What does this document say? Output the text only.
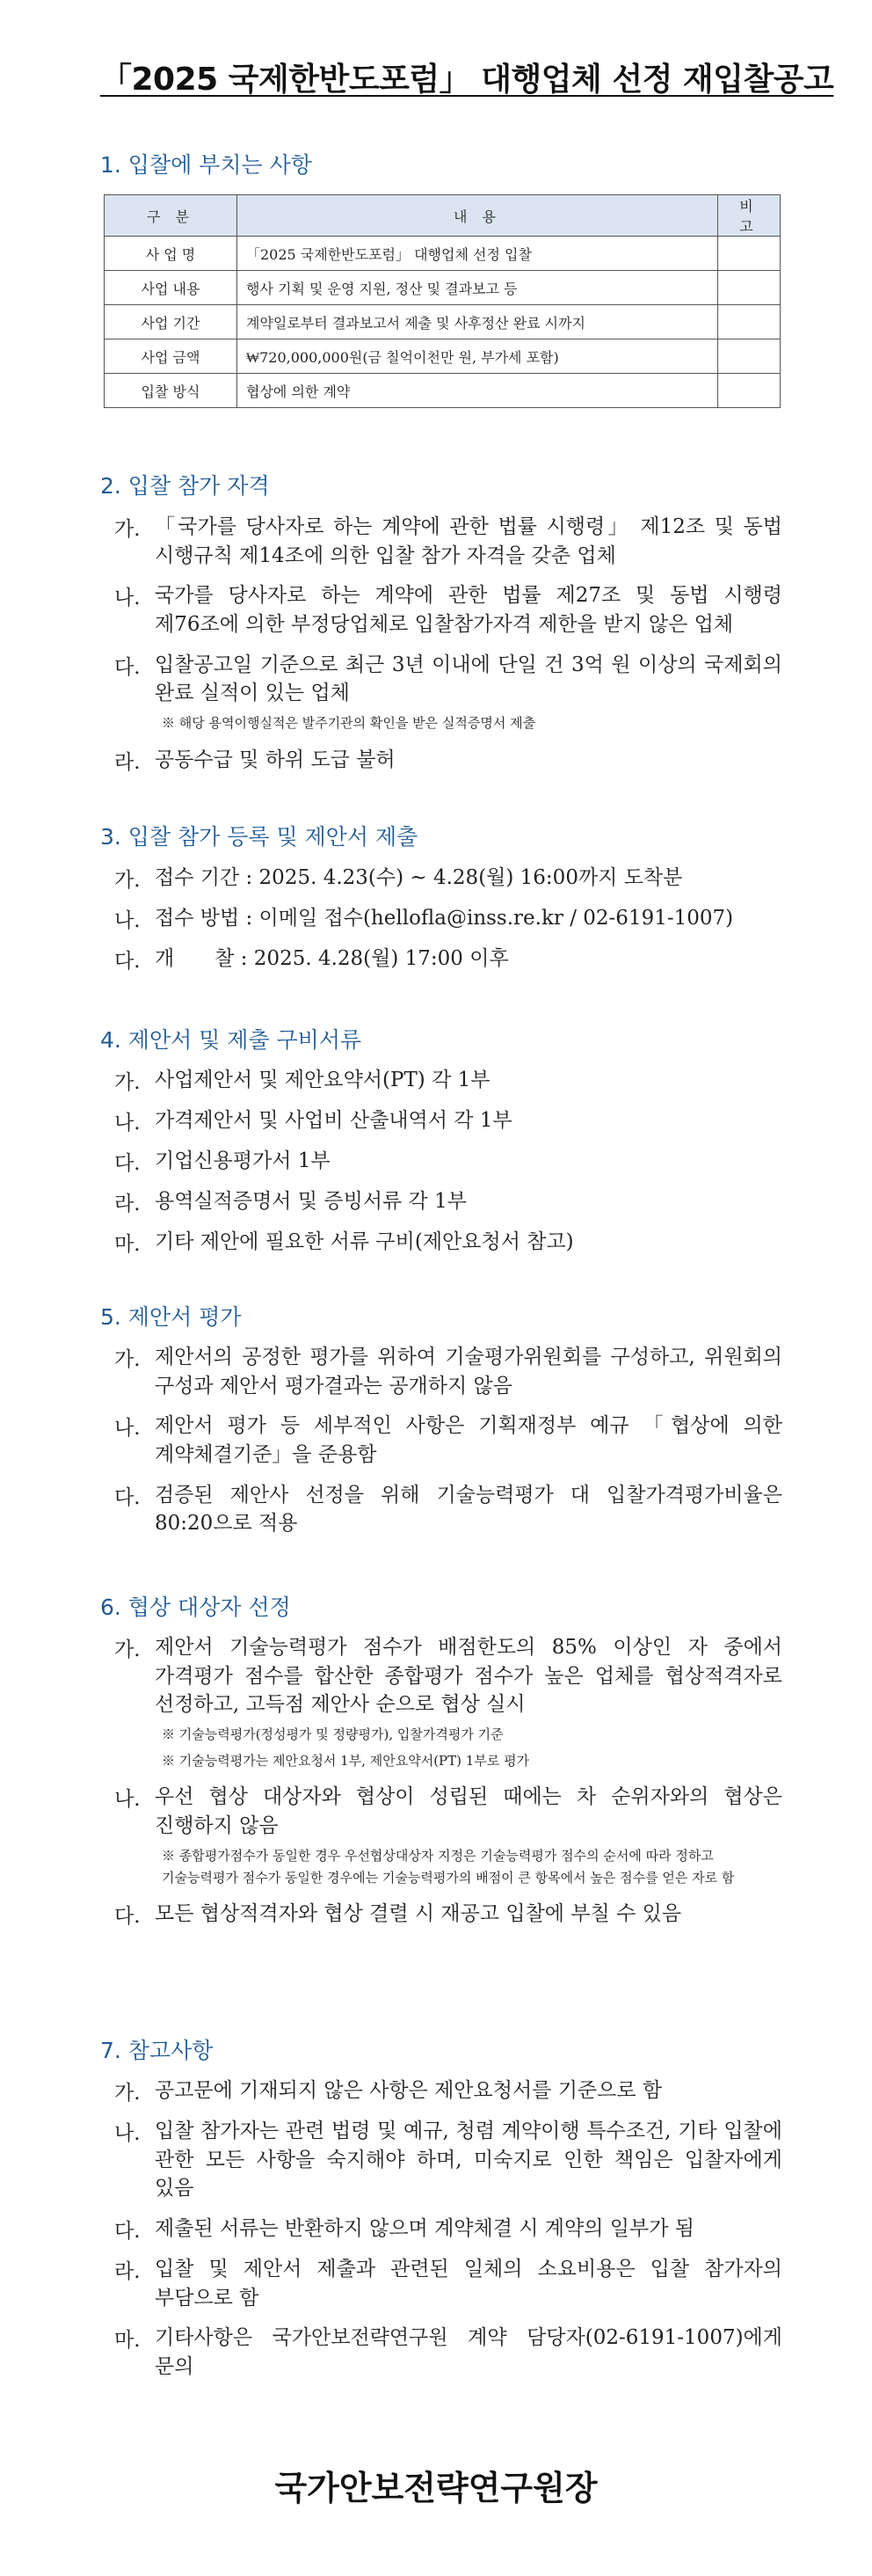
「2025 국제한반도포럼」 대행업체 선정 재입찰공고
1. 입찰에 부치는 사항
구 분	내 용	비 고
사 업 명	「2025 국제한반도포럼」 대행업체 선정 입찰	
사업 내용	행사 기획 및 운영 지원, 정산 및 결과보고 등	
사업 기간	계약일로부터 결과보고서 제출 및 사후정산 완료 시까지	
사업 금액	₩720,000,000원(금 칠억이천만 원, 부가세 포함)	
입찰 방식	협상에 의한 계약	
2. 입찰 참가 자격
가. 「국가를 당사자로 하는 계약에 관한 법률 시행령」 제12조 및 동법 시행규칙 제14조에 의한 입찰 참가 자격을 갖춘 업체
나. 국가를 당사자로 하는 계약에 관한 법률 제27조 및 동법 시행령 제76조에 의한 부정당업체로 입찰참가자격 제한을 받지 않은 업체
다. 입찰공고일 기준으로 최근 3년 이내에 단일 건 3억 원 이상의 국제회의 완료 실적이 있는 업체
※ 해당 용역이행실적은 발주기관의 확인을 받은 실적증명서 제출
라. 공동수급 및 하위 도급 불허
3. 입찰 참가 등록 및 제안서 제출
가. 접수 기간 : 2025. 4.23(수) ~ 4.28(월) 16:00까지 도착분
나. 접수 방법 : 이메일 접수(hellofla@inss.re.kr / 02-6191-1007)
다. 개　　찰 : 2025. 4.28(월) 17:00 이후
4. 제안서 및 제출 구비서류
가. 사업제안서 및 제안요약서(PT) 각 1부
나. 가격제안서 및 사업비 산출내역서 각 1부
다. 기업신용평가서 1부
라. 용역실적증명서 및 증빙서류 각 1부
마. 기타 제안에 필요한 서류 구비(제안요청서 참고)
5. 제안서 평가
가. 제안서의 공정한 평가를 위하여 기술평가위원회를 구성하고, 위원회의 구성과 제안서 평가결과는 공개하지 않음
나. 제안서 평가 등 세부적인 사항은 기획재정부 예규 「협상에 의한 계약체결기준」을 준용함
다. 검증된 제안사 선정을 위해 기술능력평가 대 입찰가격평가비율은 80:20으로 적용
6. 협상 대상자 선정
가. 제안서 기술능력평가 점수가 배점한도의 85% 이상인 자 중에서 가격평가 점수를 합산한 종합평가 점수가 높은 업체를 협상적격자로 선정하고, 고득점 제안사 순으로 협상 실시
※ 기술능력평가(정성평가 및 정량평가), 입찰가격평가 기준
※ 기술능력평가는 제안요청서 1부, 제안요약서(PT) 1부로 평가
나. 우선 협상 대상자와 협상이 성립된 때에는 차 순위자와의 협상은 진행하지 않음
※ 종합평가점수가 동일한 경우 우선협상대상자 지정은 기술능력평가 점수의 순서에 따라 정하고 기술능력평가 점수가 동일한 경우에는 기술능력평가의 배점이 큰 항목에서 높은 점수를 얻은 자로 함
다. 모든 협상적격자와 협상 결렬 시 재공고 입찰에 부칠 수 있음
7. 참고사항
가. 공고문에 기재되지 않은 사항은 제안요청서를 기준으로 함
나. 입찰 참가자는 관련 법령 및 예규, 청렴 계약이행 특수조건, 기타 입찰에 관한 모든 사항을 숙지해야 하며, 미숙지로 인한 책임은 입찰자에게 있음
다. 제출된 서류는 반환하지 않으며 계약체결 시 계약의 일부가 됨
라. 입찰 및 제안서 제출과 관련된 일체의 소요비용은 입찰 참가자의 부담으로 함
마. 기타사항은 국가안보전략연구원 계약 담당자(02-6191-1007)에게 문의
국가안보전략연구원장
